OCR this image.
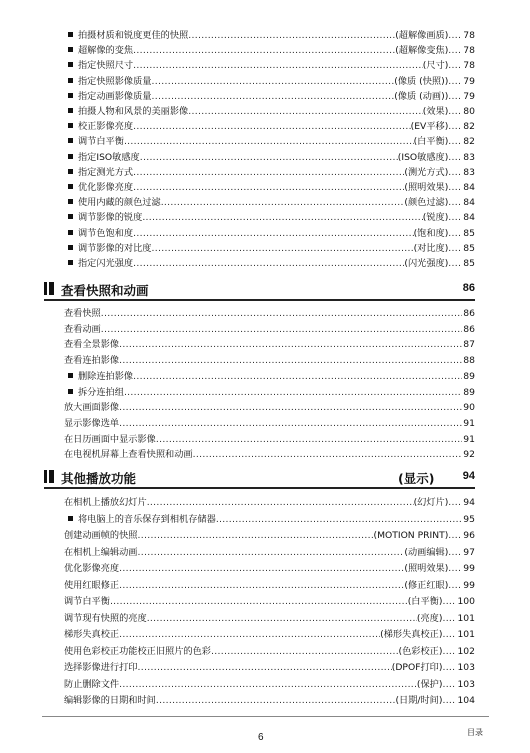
拍摄材质和锐度更佳的快照 . . .	(超解像画质) . . . 78
超解像的变焦 . . .	(超解像变焦) . . . 78
指定快照尺寸 . . .	(尺寸) . . . 78
指定快照影像质量 . . .	(像质 (快照)) . . . 79
指定动画影像质量 . . .	(像质 (动画)) . . . 79
拍摄人物和风景的美丽影像 . . .	(效果) . . . 80
校正影像亮度 . . .	(EV平移) . . . 82
调节白平衡 . . .	(白平衡) . . . 82
指定ISO敏感度 . . .	(ISO敏感度) . . . 83
指定测光方式 . . .	(测光方式) . . . 83
优化影像亮度 . . .	(照明效果) . . . 84
使用内藏的颜色过滤 . . .	(颜色过滤) . . . 84
调节影像的锐度 . . .	(锐度) . . . 84
调节色饱和度 . . .	(饱和度) . . . 85
调节影像的对比度 . . .	(对比度) . . . 85
指定闪光强度 . . .	(闪光强度) . . . 85
查看快照和动画	86
查看快照 . . .	86
查看动画 . . .	86
查看全景影像 . . .	87
查看连拍影像 . . .	88
删除连拍影像 . . .	89
拆分连拍组 . . .	89
放大画面影像 . . .	90
显示影像选单 . . .	91
在日历画面中显示影像 . . .	91
在电视机屏幕上查看快照和动画 . . .	92
其他播放功能	(显示)	94
在相机上播放幻灯片 . . .	(幻灯片) . . . 94
将电脑上的音乐保存到相机存储器 . . .	95
创建动画帧的快照 . . .	(MOTION PRINT) . . . 96
在相机上编辑动画 . . .	(动画编辑) . . . 97
优化影像亮度 . . .	(照明效果) . . . 99
使用红眼修正 . . .	(修正红眼) . . . 99
调节白平衡 . . .	(白平衡) . . . 100
调节现有快照的亮度 . . .	(亮度) . . . 101
梯形失真校正 . . .	(梯形失真校正) . . . 101
使用色彩校正功能校正旧照片的色彩 . . .	(色彩校正) . . . 102
选择影像进行打印 . . .	(DPOF打印) . . . 103
防止删除文件 . . .	(保护) . . . 103
编辑影像的日期和时间 . . .	(日期/时间) . . . 104
6	目录
